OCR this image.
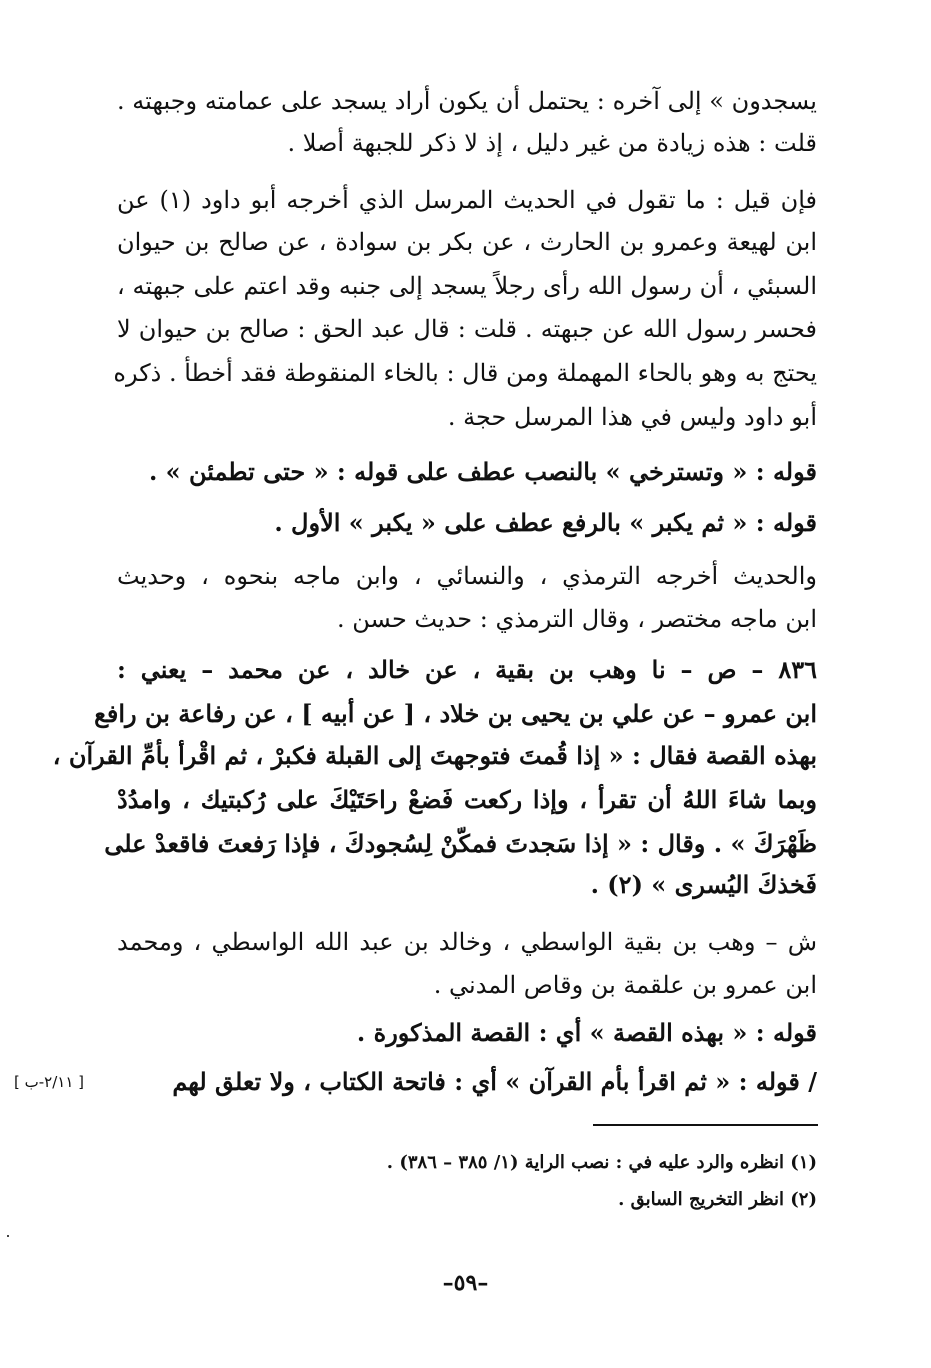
يسجدون » إلى آخره : يحتمل أن يكون أراد يسجد على عمامته وجبهته .
قلت : هذه زيادة من غير دليل ، إذ لا ذكر للجبهة أصلا .
فإن قيل : ما تقول في الحديث المرسل الذي أخرجه أبو داود (١) عن
ابن لهيعة وعمرو بن الحارث ، عن بكر بن سوادة ، عن صالح بن حيوان
السبئي ، أن رسول الله رأى رجلاً يسجد إلى جنبه وقد اعتم على جبهته ،
فحسر رسول الله عن جبهته . قلت : قال عبد الحق : صالح بن حيوان لا
يحتج به وهو بالحاء المهملة ومن قال : بالخاء المنقوطة فقد أخطأ . ذكره
أبو داود وليس في هذا المرسل حجة .
قوله : « وتسترخي » بالنصب عطف على قوله : « حتى تطمئن » .
قوله : « ثم يكبر » بالرفع عطف على « يكبر » الأول .
والحديث أخرجه الترمذي ، والنسائي ، وابن ماجه بنحوه ، وحديث
ابن ماجه مختصر ، وقال الترمذي : حديث حسن .
٨٣٦ – ص – نا وهب بن بقية ، عن خالد ، عن محمد – يعني :
ابن عمرو – عن علي بن يحيى بن خلاد ، [ عن أبيه ] ، عن رفاعة بن رافع
بهذه القصة فقال : « إذا قُمتَ فتوجهتَ إلى القبلة فكبرْ ، ثم اقْرأ بأمِّ القرآن ،
وبما شاءَ اللهُ أن تقرأ ، وإذا ركعت فَضعْ راحَتَيْكَ على رُكبتيك ، وامدُدْ
ظَهْرَكَ » . وقال : « إذا سَجدتَ فمكّنْ لِسُجودكَ ، فإذا رَفعتَ فاقعدْ على
فَخذكَ اليُسرى » (٢) .
ش – وهب بن بقية الواسطي ، وخالد بن عبد الله الواسطي ، ومحمد
ابن عمرو بن علقمة بن وقاص المدني .
قوله : « بهذه القصة » أي : القصة المذكورة .
/ قوله : « ثم اقرأ بأم القرآن » أي : فاتحة الكتاب ، ولا تعلق لهم
[ ٢/١١-ب ]
(١) انظره والرد عليه في : نصب الراية (١/ ٣٨٥ – ٣٨٦) .
(٢) انظر التخريج السابق .
–٥٩–
